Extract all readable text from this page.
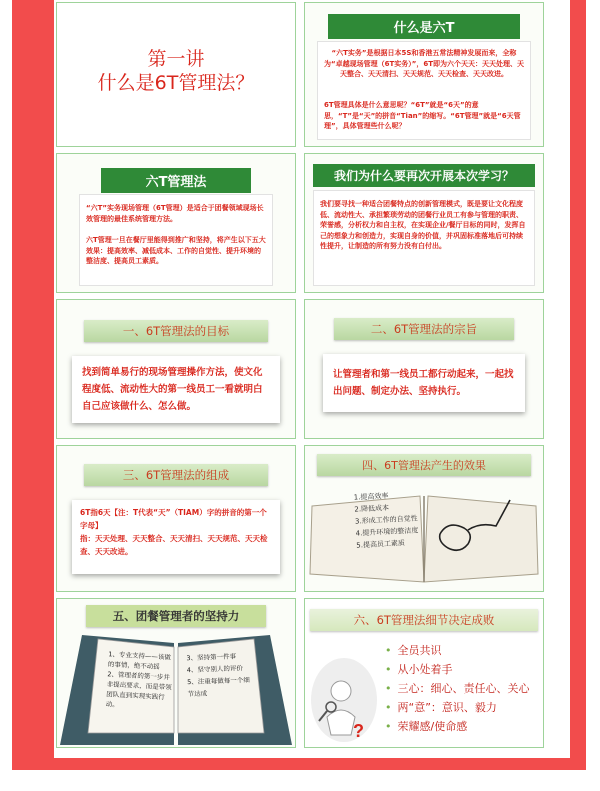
第一讲
什么是6T管理法？
什么是六T
“六T实务”是根据日本5S和香港五常法精神发展而来，全称为“卓越现场管理（6T实务）”，6T即为六个天天：天天处理、天天整合、天天清扫、天天规范、天天检查、天天改进。
6T管理具体是什么意思呢？“6T”就是“6天”的意思，“T”是“天”的拼音“Tian”的缩写。“6T管理”就是“6天管理”，具体管理些什么呢？
六T管理法
“六T”实务现场管理（6T管理）是适合于团餐领域现场长效管理的最佳系统管理方法。
六T管理一旦在餐厅里能得到推广和坚持，将产生以下五大效果：提高效率、减低成本、工作的自觉性、提升环境的整洁度、提高员工素质。
我们为什么要再次开展本次学习？
我们要寻找一种适合团餐特点的创新管理模式，既是要让文化程度低、流动性大、承担繁琐劳动的团餐行业员工有参与管理的职责、荣誉感，分析权力和自主权，在实现企业/餐厅目标的同时，发挥自己的想象力和创造力，实现自身的价值，并巩固标准落地后可持续性提升，让制造的所有努力没有白付出。
一、6T管理法的目标
找到简单易行的现场管理操作方法，使文化程度低、流动性大的第一线员工一看就明白自己应该做什么、怎么做。
二、6T管理法的宗旨
让管理者和第一线员工都行动起来，一起找出问题、制定办法、坚持执行。
三、6T管理法的组成
6T指6天【注：T代表“天”（TIAM）字的拼音的第一个字母】
指：天天处理、天天整合、天天清扫、天天规范、天天检查、天天改进。
四、6T管理法产生的效果
1.提高效率
2.降低成本
3.形成工作的自觉性
4.提升环境的整洁度
5.提高员工素质
五、团餐管理者的坚持力
1、专业支持——该做的事情，绝不动摇
2、管理者的第一步并非提出要求，而是带领团队直到实现实践行动。
3、坚持第一件事
4、坚守别人的评价
5、注重每做每一个细节达成
六、6T管理法细节决定成败
?
• 全员共识
• 从小处着手
• 三心：细心、责任心、关心
• 两“意”：意识、毅力
• 荣耀感/使命感
